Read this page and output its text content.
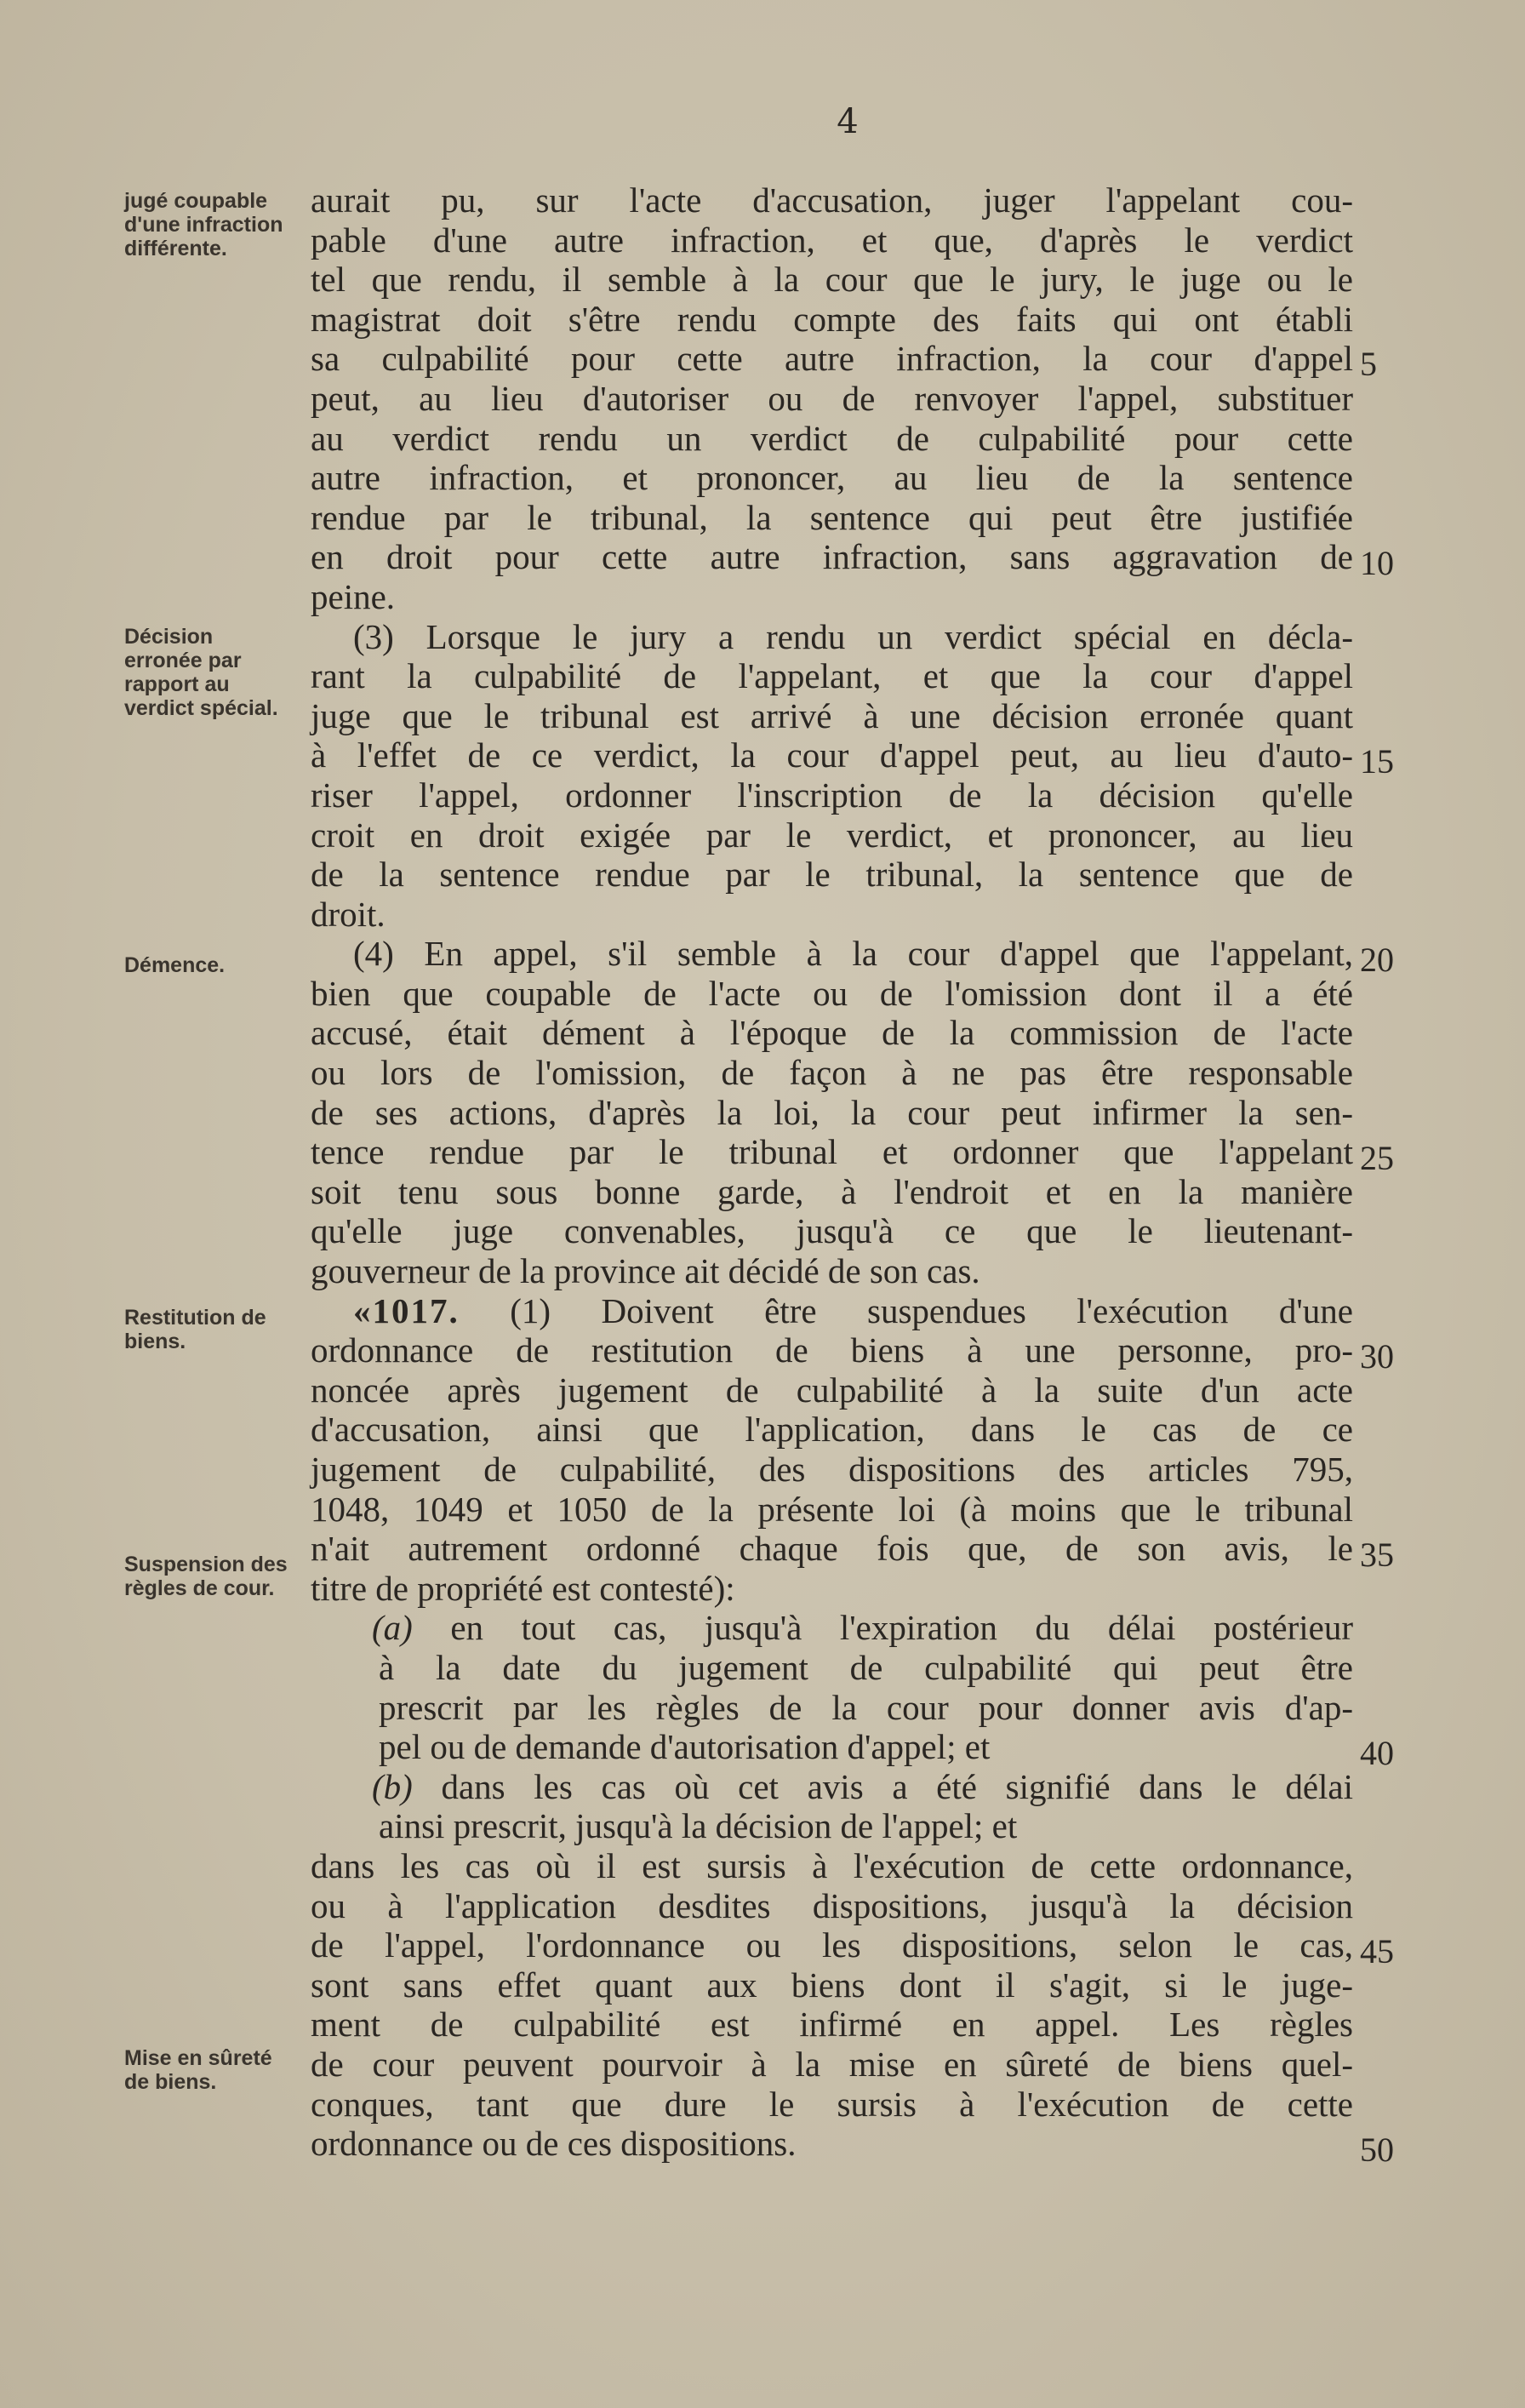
4
jugé coupable d'une infraction différente.
Décision erronée par rapport au verdict spécial.
Démence.
Restitution de biens.
Suspension des règles de cour.
Mise en sûreté de biens.
aurait pu, sur l'acte d'accusation, juger l'appelant cou-
pable d'une autre infraction, et que, d'après le verdict
tel que rendu, il semble à la cour que le jury, le juge ou le
magistrat doit s'être rendu compte des faits qui ont établi
sa culpabilité pour cette autre infraction, la cour d'appel
peut, au lieu d'autoriser ou de renvoyer l'appel, substituer
au verdict rendu un verdict de culpabilité pour cette
autre infraction, et prononcer, au lieu de la sentence
rendue par le tribunal, la sentence qui peut être justifiée
en droit pour cette autre infraction, sans aggravation de
peine.
(3) Lorsque le jury a rendu un verdict spécial en décla-
rant la culpabilité de l'appelant, et que la cour d'appel
juge que le tribunal est arrivé à une décision erronée quant
à l'effet de ce verdict, la cour d'appel peut, au lieu d'auto-
riser l'appel, ordonner l'inscription de la décision qu'elle
croit en droit exigée par le verdict, et prononcer, au lieu
de la sentence rendue par le tribunal, la sentence que de
droit.
(4) En appel, s'il semble à la cour d'appel que l'appelant,
bien que coupable de l'acte ou de l'omission dont il a été
accusé, était dément à l'époque de la commission de l'acte
ou lors de l'omission, de façon à ne pas être responsable
de ses actions, d'après la loi, la cour peut infirmer la sen-
tence rendue par le tribunal et ordonner que l'appelant
soit tenu sous bonne garde, à l'endroit et en la manière
qu'elle juge convenables, jusqu'à ce que le lieutenant-
gouverneur de la province ait décidé de son cas.
«1017. (1) Doivent être suspendues l'exécution d'une
ordonnance de restitution de biens à une personne, pro-
noncée après jugement de culpabilité à la suite d'un acte
d'accusation, ainsi que l'application, dans le cas de ce
jugement de culpabilité, des dispositions des articles 795,
1048, 1049 et 1050 de la présente loi (à moins que le tribunal
n'ait autrement ordonné chaque fois que, de son avis, le
titre de propriété est contesté):
(a) en tout cas, jusqu'à l'expiration du délai postérieur
à la date du jugement de culpabilité qui peut être
prescrit par les règles de la cour pour donner avis d'ap-
pel ou de demande d'autorisation d'appel; et
(b) dans les cas où cet avis a été signifié dans le délai
ainsi prescrit, jusqu'à la décision de l'appel; et
dans les cas où il est sursis à l'exécution de cette ordonnance,
ou à l'application desdites dispositions, jusqu'à la décision
de l'appel, l'ordonnance ou les dispositions, selon le cas,
sont sans effet quant aux biens dont il s'agit, si le juge-
ment de culpabilité est infirmé en appel. Les règles
de cour peuvent pourvoir à la mise en sûreté de biens quel-
conques, tant que dure le sursis à l'exécution de cette
ordonnance ou de ces dispositions.
5
10
15
20
25
30
35
40
45
50
